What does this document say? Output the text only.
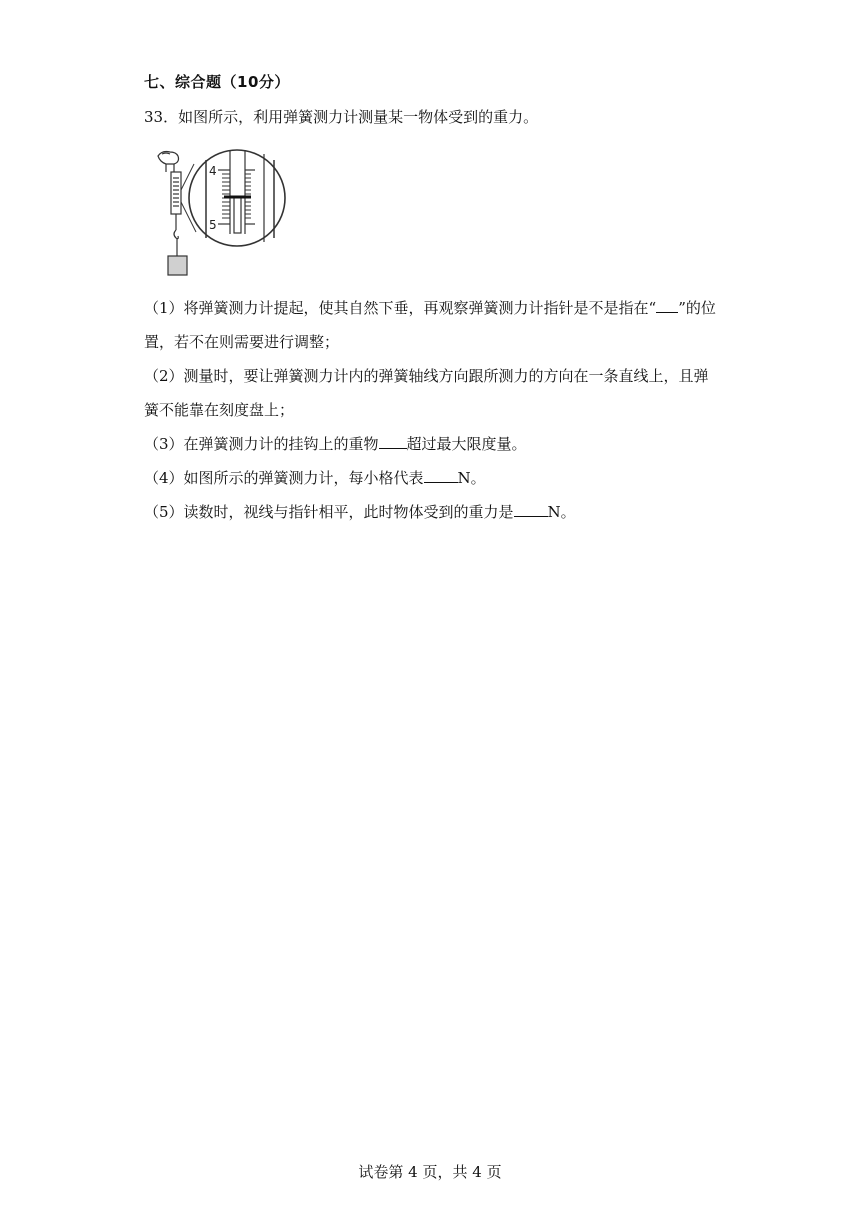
七、综合题（10分）
33．如图所示，利用弹簧测力计测量某一物体受到的重力。
4
5
（1）将弹簧测力计提起，使其自然下垂，再观察弹簧测力计指针是不是指在“ ”的位
置，若不在则需要进行调整；
（2）测量时，要让弹簧测力计内的弹簧轴线方向跟所测力的方向在一条直线上，且弹
簧不能靠在刻度盘上；
（3）在弹簧测力计的挂钩上的重物 超过最大限度量。
（4）如图所示的弹簧测力计，每小格代表 N。
（5）读数时，视线与指针相平，此时物体受到的重力是 N。
试卷第 4 页，共 4 页
